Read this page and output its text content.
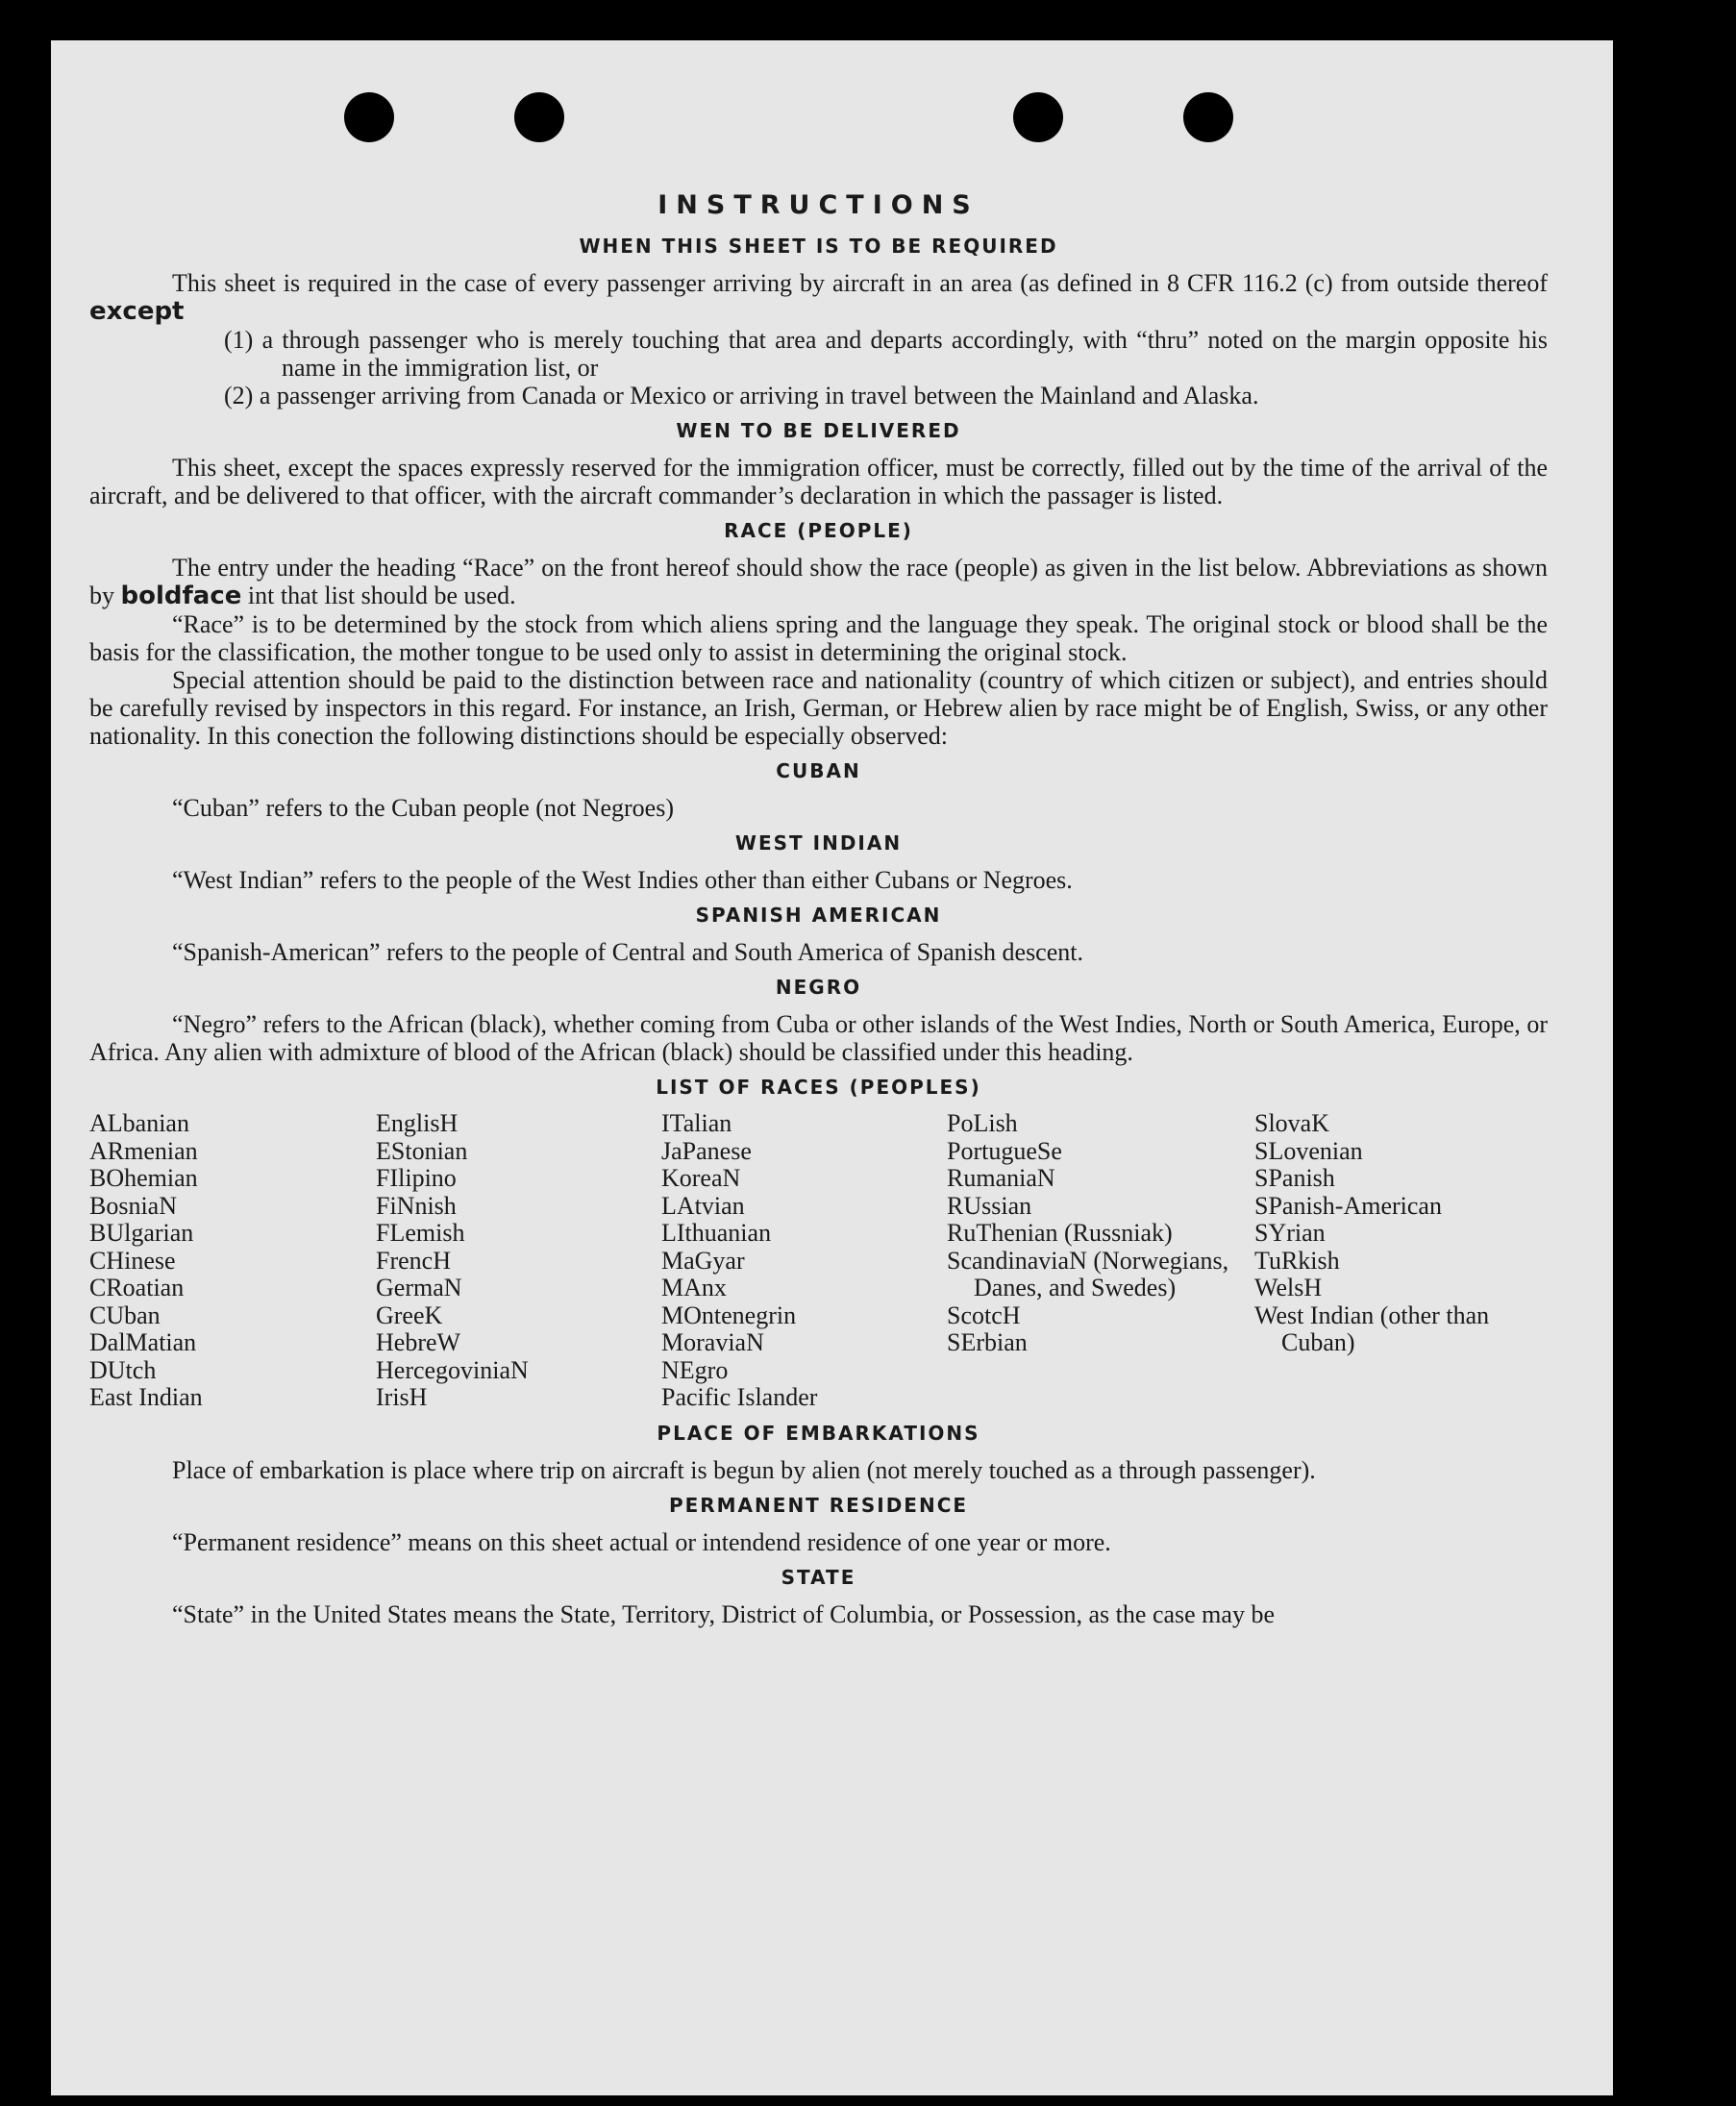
INSTRUCTIONS
WHEN THIS SHEET IS TO BE REQUIRED

This sheet is required in the case of every passenger arriving by aircraft in an area (as defined in 8 CFR 116.2 (c) from outside thereof except

(1) a through passenger who is merely touching that area and departs accordingly, with “thru” noted on the margin opposite his name in the immigration list, or
(2) a passenger arriving from Canada or Mexico or arriving in travel between the Mainland and Alaska.
WEN TO BE DELIVERED

This sheet, except the spaces expressly reserved for the immigration officer, must be correctly, filled out by the time of the arrival of the aircraft, and be delivered to that officer, with the aircraft commander’s declaration in which the passager is listed.

RACE (PEOPLE)

The entry under the heading “Race” on the front hereof should show the race (people) as given in the list below. Abbreviations as shown by boldface int that list should be used.

“Race” is to be determined by the stock from which aliens spring and the language they speak. The original stock or blood shall be the basis for the classification, the mother tongue to be used only to assist in determining the original stock.

Special attention should be paid to the distinction between race and nationality (country of which citizen or subject), and entries should be carefully revised by inspectors in this regard. For instance, an Irish, German, or Hebrew alien by race might be of English, Swiss, or any other nationality. In this conection the following distinctions should be especially observed:

CUBAN

“Cuban” refers to the Cuban people (not Negroes)

WEST INDIAN

“West Indian” refers to the people of the West Indies other than either Cubans or Negroes.

SPANISH AMERICAN

“Spanish-American” refers to the people of Central and South America of Spanish descent.

NEGRO

“Negro” refers to the African (black), whether coming from Cuba or other islands of the West Indies, North or South America, Europe, or Africa. Any alien with admixture of blood of the African (black) should be classified under this heading.

LIST OF RACES (PEOPLES)
ALbanian
ARmenian
BOhemian
BosniaN
BUlgarian
CHinese
CRoatian
CUban
DalMatian
DUtch
East Indian
EnglisH
EStonian
FIlipino
FiNnish
FLemish
FrencH
GermaN
GreeK
HebreW
HercegoviniaN
IrisH
ITalian
JaPanese
KoreaN
LAtvian
LIthuanian
MaGyar
MAnx
MOntenegrin
MoraviaN
NEgro
Pacific Islander
PoLish
PortugueSe
RumaniaN
RUssian
RuThenian (Russniak)
ScandinaviaN (Norwegians, Danes, and Swedes)
ScotcH
SErbian
SlovaK
SLovenian
SPanish
SPanish-American
SYrian
TuRkish
WelsH
West Indian (other than Cuban)
PLACE OF EMBARKATIONS

Place of embarkation is place where trip on aircraft is begun by alien (not merely touched as a through passenger).

PERMANENT RESIDENCE

“Permanent residence” means on this sheet actual or intendend residence of one year or more.

STATE

“State” in the United States means the State, Territory, District of Columbia, or Possession, as the case may be
